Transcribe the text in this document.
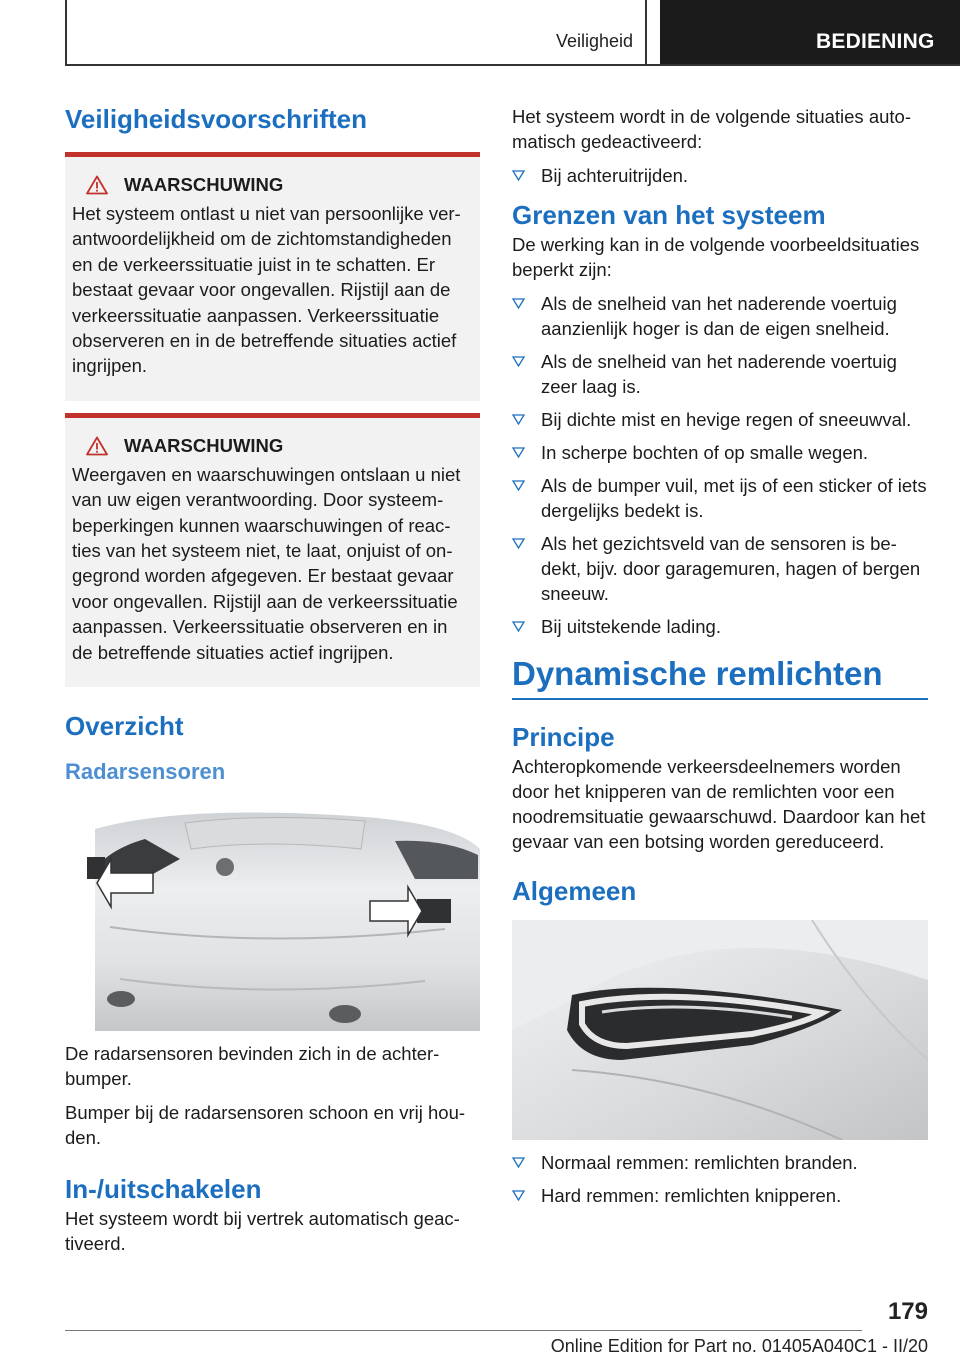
Veiligheid	BEDIENING
Veiligheidsvoorschriften
WAARSCHUWING
Het systeem ontlast u niet van persoonlijke verantwoordelijkheid om de zichtomstandigheden en de verkeerssituatie juist in te schatten. Er bestaat gevaar voor ongevallen. Rijstijl aan de verkeerssituatie aanpassen. Verkeerssituatie observeren en in de betreffende situaties actief ingrijpen.
WAARSCHUWING
Weergaven en waarschuwingen ontslaan u niet van uw eigen verantwoording. Door systeembeperkingen kunnen waarschuwingen of reacties van het systeem niet, te laat, onjuist of ongegrond worden afgegeven. Er bestaat gevaar voor ongevallen. Rijstijl aan de verkeerssituatie aanpassen. Verkeerssituatie observeren en in de betreffende situaties actief ingrijpen.
Overzicht
Radarsensoren

De radarsensoren bevinden zich in de achterbumper.

Bumper bij de radarsensoren schoon en vrij houden.

In-/uitschakelen

Het systeem wordt bij vertrek automatisch geactiveerd.

Het systeem wordt in de volgende situaties automatisch gedeactiveerd:

Bij achteruitrijden.
Grenzen van het systeem

De werking kan in de volgende voorbeeldsituaties beperkt zijn:

Als de snelheid van het naderende voertuig aanzienlijk hoger is dan de eigen snelheid.
Als de snelheid van het naderende voertuig zeer laag is.
Bij dichte mist en hevige regen of sneeuwval.
In scherpe bochten of op smalle wegen.
Als de bumper vuil, met ijs of een sticker of iets dergelijks bedekt is.
Als het gezichtsveld van de sensoren is bedekt, bijv. door garagemuren, hagen of bergen sneeuw.
Bij uitstekende lading.
Dynamische remlichten
Principe

Achteropkomende verkeersdeelnemers worden door het knipperen van de remlichten voor een noodremsituatie gewaarschuwd. Daardoor kan het gevaar van een botsing worden gereduceerd.

Algemeen
Normaal remmen: remlichten branden.
Hard remmen: remlichten knipperen.
179
Online Edition for Part no. 01405A040C1 - II/20
